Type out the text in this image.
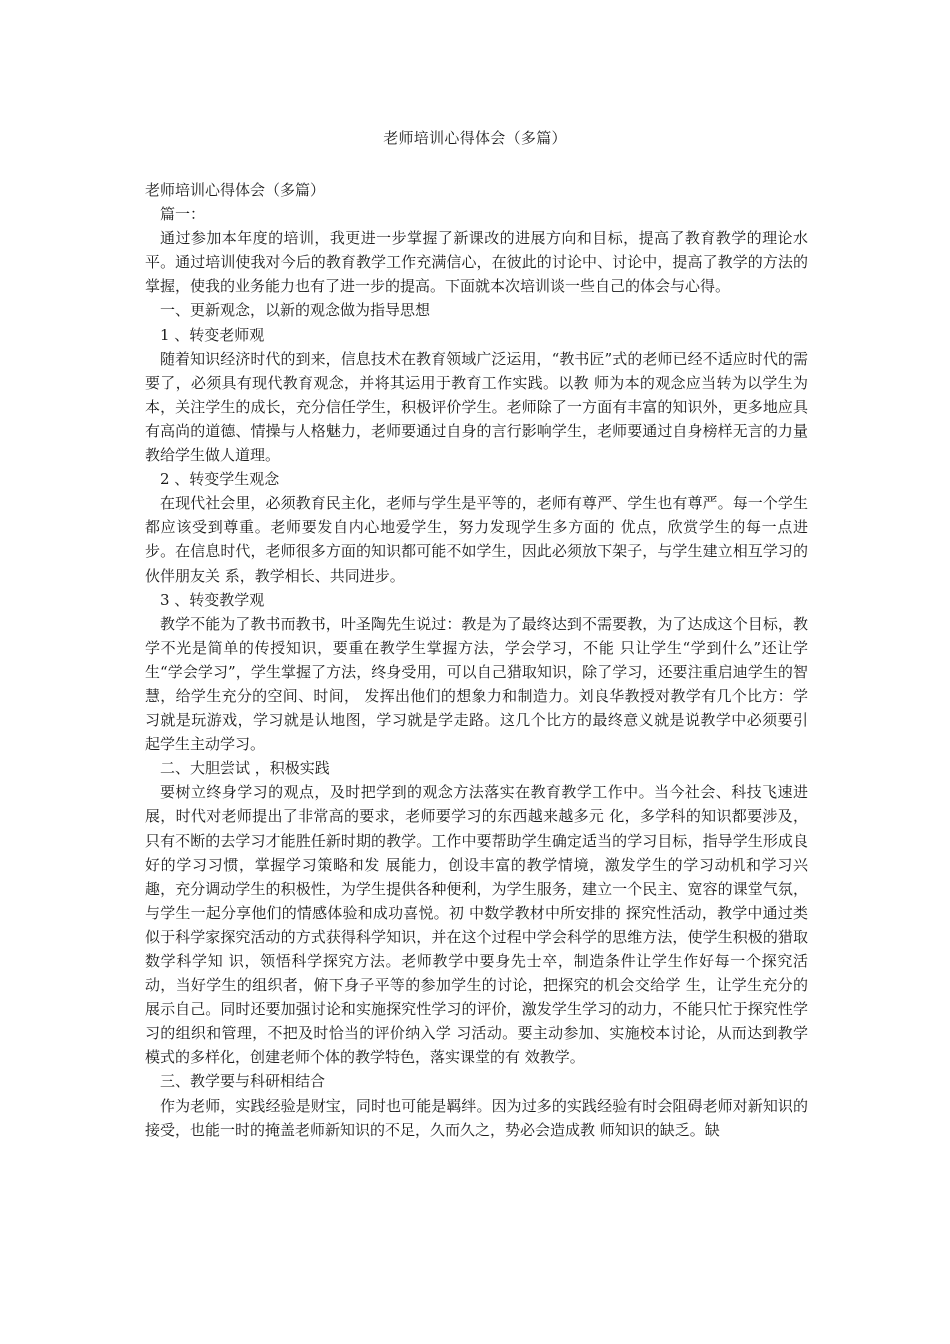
老师培训心得体会（多篇）

老师培训心得体会（多篇）

篇一：

通过参加本年度的培训，我更进一步掌握了新课改的进展方向和目标，提高了教育教学的理论水平。通过培训使我对今后的教育教学工作充满信心，在彼此的讨论中、讨论中，提高了教学的方法的掌握，使我的业务能力也有了进一步的提高。下面就本次培训谈一些自己的体会与心得。

一、更新观念，以新的观念做为指导思想

1 、转变老师观

随着知识经济时代的到来，信息技术在教育领域广泛运用，“教书匠”式的老师已经不适应时代的需要了，必须具有现代教育观念，并将其运用于教育工作实践。以教 师为本的观念应当转为以学生为本，关注学生的成长，充分信任学生，积极评价学生。老师除了一方面有丰富的知识外，更多地应具有高尚的道德、情操与人格魅力，老师要通过自身的言行影响学生，老师要通过自身榜样无言的力量教给学生做人道理。

2 、转变学生观念

在现代社会里，必须教育民主化，老师与学生是平等的，老师有尊严、学生也有尊严。每一个学生都应该受到尊重。老师要发自内心地爱学生，努力发现学生多方面的 优点，欣赏学生的每一点进步。在信息时代，老师很多方面的知识都可能不如学生，因此必须放下架子，与学生建立相互学习的伙伴朋友关 系，教学相长、共同进步。

3 、转变教学观

教学不能为了教书而教书，叶圣陶先生说过：教是为了最终达到不需要教，为了达成这个目标，教学不光是简单的传授知识，要重在教学生掌握方法，学会学习，不能 只让学生“学到什么”还让学生“学会学习”，学生掌握了方法，终身受用，可以自己猎取知识，除了学习，还要注重启迪学生的智慧，给学生充分的空间、时间， 发挥出他们的想象力和制造力。刘良华教授对教学有几个比方：学习就是玩游戏，学习就是认地图，学习就是学走路。这几个比方的最终意义就是说教学中必须要引 起学生主动学习。

二、大胆尝试 ，积极实践

要树立终身学习的观点，及时把学到的观念方法落实在教育教学工作中。当今社会、科技飞速进展，时代对老师提出了非常高的要求，老师要学习的东西越来越多元 化，多学科的知识都要涉及，只有不断的去学习才能胜任新时期的教学。工作中要帮助学生确定适当的学习目标，指导学生形成良好的学习习惯，掌握学习策略和发 展能力，创设丰富的教学情境，激发学生的学习动机和学习兴趣，充分调动学生的积极性，为学生提供各种便利，为学生服务，建立一个民主、宽容的课堂气氛，与学生一起分享他们的情感体验和成功喜悦。初 中数学教材中所安排的 探究性活动，教学中通过类似于科学家探究活动的方式获得科学知识，并在这个过程中学会科学的思维方法，使学生积极的猎取数学科学知 识，领悟科学探究方法。老师教学中要身先士卒，制造条件让学生作好每一个探究活动，当好学生的组织者，俯下身子平等的参加学生的讨论，把探究的机会交给学 生，让学生充分的展示自己。同时还要加强讨论和实施探究性学习的评价，激发学生学习的动力，不能只忙于探究性学习的组织和管理，不把及时恰当的评价纳入学 习活动。要主动参加、实施校本讨论，从而达到教学模式的多样化，创建老师个体的教学特色，落实课堂的有 效教学。

三、教学要与科研相结合

作为老师，实践经验是财宝，同时也可能是羁绊。因为过多的实践经验有时会阻碍老师对新知识的接受，也能一时的掩盖老师新知识的不足，久而久之，势必会造成教 师知识的缺乏。缺
